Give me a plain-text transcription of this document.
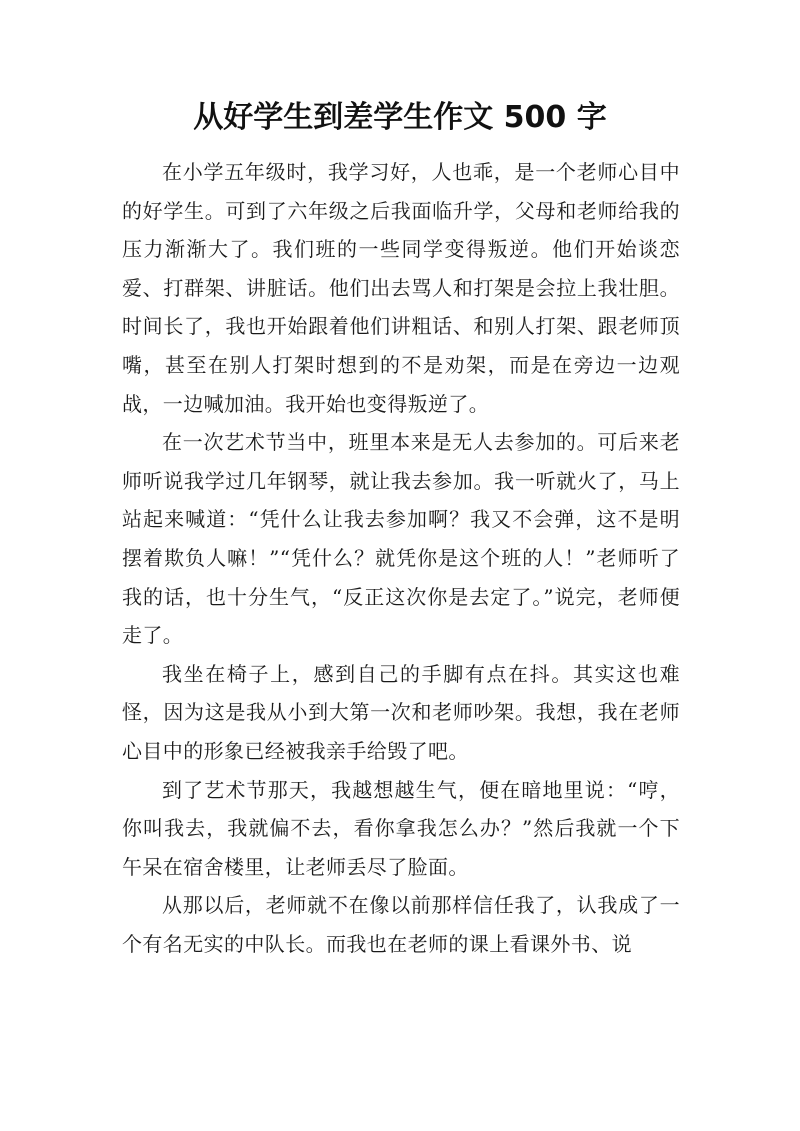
从好学生到差学生作文 500 字

在小学五年级时，我学习好，人也乖，是一个老师心目中的好学生。可到了六年级之后我面临升学，父母和老师给我的压力渐渐大了。我们班的一些同学变得叛逆。他们开始谈恋爱、打群架、讲脏话。他们出去骂人和打架是会拉上我壮胆。时间长了，我也开始跟着他们讲粗话、和别人打架、跟老师顶嘴，甚至在别人打架时想到的不是劝架，而是在旁边一边观战，一边喊加油。我开始也变得叛逆了。

在一次艺术节当中，班里本来是无人去参加的。可后来老师听说我学过几年钢琴，就让我去参加。我一听就火了，马上站起来喊道：“凭什么让我去参加啊？我又不会弹，这不是明摆着欺负人嘛！”“凭什么？就凭你是这个班的人！”老师听了我的话，也十分生气，“反正这次你是去定了。”说完，老师便走了。

我坐在椅子上，感到自己的手脚有点在抖。其实这也难怪，因为这是我从小到大第一次和老师吵架。我想，我在老师心目中的形象已经被我亲手给毁了吧。

到了艺术节那天，我越想越生气，便在暗地里说：“哼，你叫我去，我就偏不去，看你拿我怎么办？”然后我就一个下午呆在宿舍楼里，让老师丢尽了脸面。

从那以后，老师就不在像以前那样信任我了，认我成了一个有名无实的中队长。而我也在老师的课上看课外书、说
